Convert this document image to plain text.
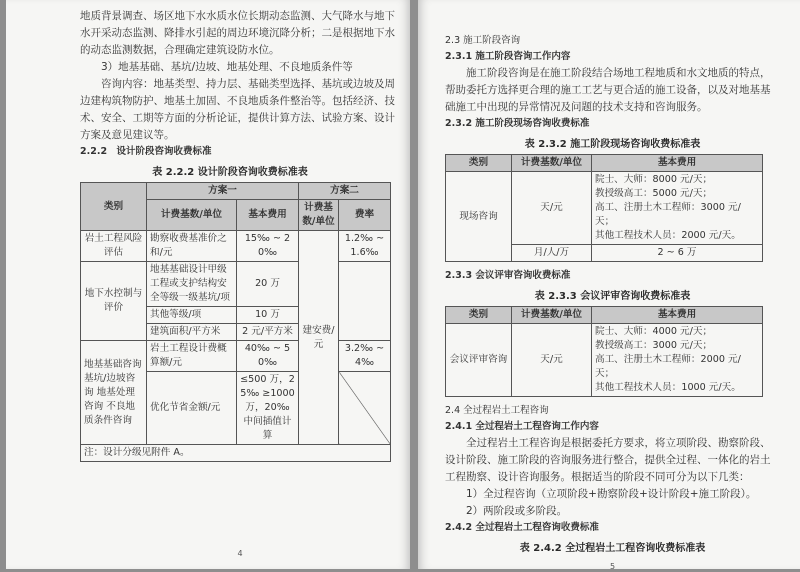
地质背景调查、场区地下水水质水位长期动态监测、大气降水与地下水开采动态监测、降排水引起的周边环境沉降分析；二是根据地下水的动态监测数据，合理确定建筑设防水位。
3）地基基础、基坑/边坡、地基处理、不良地质条件等
咨询内容：地基类型、持力层、基础类型选择、基坑或边坡及周边建构筑物防护、地基土加固、不良地质条件整治等。包括经济、技术、安全、工期等方面的分析论证，提供计算方法、试验方案、设计方案及意见建议等。
2.2.2　设计阶段咨询收费标准
表 2.2.2 设计阶段咨询收费标准表
类别	方案一		方案二	
	计费基数/单位	基本费用	计费基数/单位	费率
岩土工程风险评估	勘察收费基准价之和/元	15‰ ~ 20‰	建安费/元	1.2‰ ~ 1.6‰
地下水控制与评价	地基基础设计甲级工程或支护结构安全等级一级基坑/项	20 万		
	其他等级/项	10 万		
	建筑面积/平方米	2 元/平方米		
地基基础咨询 基坑/边坡咨询 地基处理咨询 不良地质条件咨询	岩土工程设计费概算额/元	40‰ ~ 50‰		3.2‰ ~ 4‰
	优化节省金额/元	≤500 万，25‰ ≥1000 万，20‰ 中间插值计算		
注：设计分级见附件 A。				
4
2.3 施工阶段咨询
2.3.1 施工阶段咨询工作内容
施工阶段咨询是在施工阶段结合场地工程地质和水文地质的特点，帮助委托方选择更合理的施工工艺与更合适的施工设备，以及对地基基础施工中出现的异常情况及问题的技术支持和咨询服务。
2.3.2 施工阶段现场咨询收费标准
表 2.3.2 施工阶段现场咨询收费标准表
类别	计费基数/单位	基本费用
现场咨询	天/元	院士、大师：8000 元/天；
教授级高工：5000 元/天；
高工、注册土木工程师：3000 元/天；
其他工程技术人员：2000 元/天。

	月/人/万	2 ~ 6 万
2.3.3 会议评审咨询收费标准
表 2.3.3 会议评审咨询收费标准表
类别	计费基数/单位	基本费用
会议评审咨询	天/元	院士、大师：4000 元/天；
教授级高工：3000 元/天；
高工、注册土木工程师：2000 元/天；
其他工程技术人员：1000 元/天。
2.4 全过程岩土工程咨询
2.4.1 全过程岩土工程咨询工作内容
全过程岩土工程咨询是根据委托方要求，将立项阶段、勘察阶段、设计阶段、施工阶段的咨询服务进行整合，提供全过程、一体化的岩土工程勘察、设计咨询服务。根据适当的阶段不同可分为以下几类：
1）全过程咨询（立项阶段+勘察阶段+设计阶段+施工阶段）。
2）两阶段或多阶段。
2.4.2 全过程岩土工程咨询收费标准
表 2.4.2 全过程岩土工程咨询收费标准表
5
